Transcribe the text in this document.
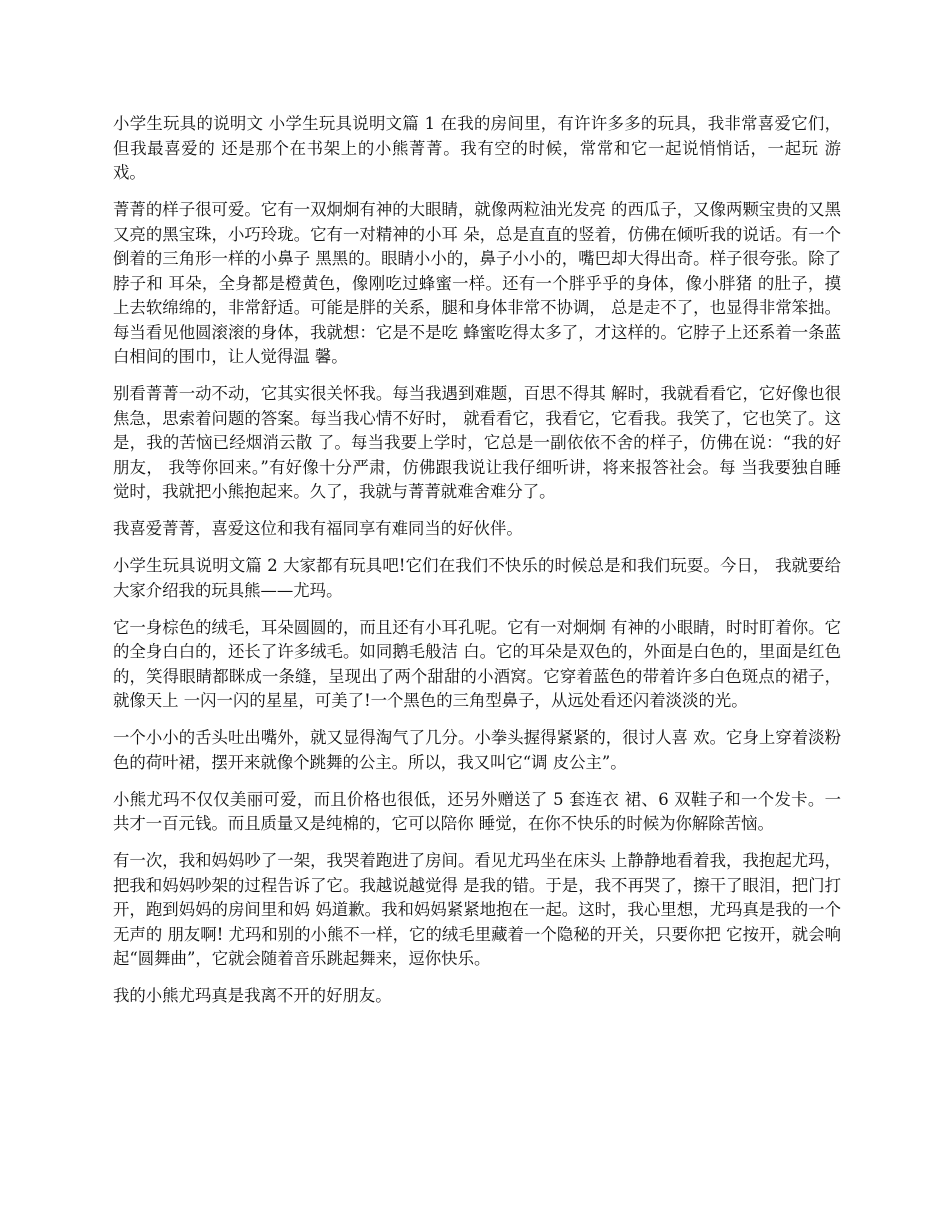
小学生玩具的说明文 小学生玩具说明文篇 1 在我的房间里，有许许多多的玩具，我非常喜爱它们，但我最喜爱的 还是那个在书架上的小熊菁菁。我有空的时候，常常和它一起说悄悄话，一起玩 游戏。

菁菁的样子很可爱。它有一双炯炯有神的大眼睛，就像两粒油光发亮 的西瓜子，又像两颗宝贵的又黑又亮的黑宝珠，小巧玲珑。它有一对精神的小耳 朵，总是直直的竖着，仿佛在倾听我的说话。有一个倒着的三角形一样的小鼻子 黑黑的。眼睛小小的，鼻子小小的，嘴巴却大得出奇。样子很夸张。除了脖子和 耳朵，全身都是橙黄色，像刚吃过蜂蜜一样。还有一个胖乎乎的身体，像小胖猪 的肚子，摸上去软绵绵的，非常舒适。可能是胖的关系，腿和身体非常不协调， 总是走不了，也显得非常笨拙。每当看见他圆滚滚的身体，我就想：它是不是吃 蜂蜜吃得太多了，才这样的。它脖子上还系着一条蓝白相间的围巾，让人觉得温 馨。

别看菁菁一动不动，它其实很关怀我。每当我遇到难题，百思不得其 解时，我就看看它，它好像也很焦急，思索着问题的答案。每当我心情不好时， 就看看它，我看它，它看我。我笑了，它也笑了。这是，我的苦恼已经烟消云散 了。每当我要上学时，它总是一副依依不舍的样子，仿佛在说：“我的好朋友， 我等你回来。”有好像十分严肃，仿佛跟我说让我仔细听讲，将来报答社会。每 当我要独自睡觉时，我就把小熊抱起来。久了，我就与菁菁就难舍难分了。

我喜爱菁菁，喜爱这位和我有福同享有难同当的好伙伴。

小学生玩具说明文篇 2 大家都有玩具吧!它们在我们不快乐的时候总是和我们玩耍。今日， 我就要给大家介绍我的玩具熊——尤玛。

它一身棕色的绒毛，耳朵圆圆的，而且还有小耳孔呢。它有一对炯炯 有神的小眼睛，时时盯着你。它的全身白白的，还长了许多绒毛。如同鹅毛般洁 白。它的耳朵是双色的，外面是白色的，里面是红色的，笑得眼睛都眯成一条缝，呈现出了两个甜甜的小酒窝。它穿着蓝色的带着许多白色斑点的裙子，就像天上 一闪一闪的星星，可美了!一个黑色的三角型鼻子，从远处看还闪着淡淡的光。

一个小小的舌头吐出嘴外，就又显得淘气了几分。小拳头握得紧紧的，很讨人喜 欢。它身上穿着淡粉色的荷叶裙，摆开来就像个跳舞的公主。所以，我又叫它“调 皮公主”。

小熊尤玛不仅仅美丽可爱，而且价格也很低，还另外赠送了 5 套连衣 裙、6 双鞋子和一个发卡。一共才一百元钱。而且质量又是纯棉的，它可以陪你 睡觉，在你不快乐的时候为你解除苦恼。

有一次，我和妈妈吵了一架，我哭着跑进了房间。看见尤玛坐在床头 上静静地看着我，我抱起尤玛，把我和妈妈吵架的过程告诉了它。我越说越觉得 是我的错。于是，我不再哭了，擦干了眼泪，把门打开，跑到妈妈的房间里和妈 妈道歉。我和妈妈紧紧地抱在一起。这时，我心里想，尤玛真是我的一个无声的 朋友啊! 尤玛和别的小熊不一样，它的绒毛里藏着一个隐秘的开关，只要你把 它按开，就会响起“圆舞曲”，它就会随着音乐跳起舞来，逗你快乐。

我的小熊尤玛真是我离不开的好朋友。
